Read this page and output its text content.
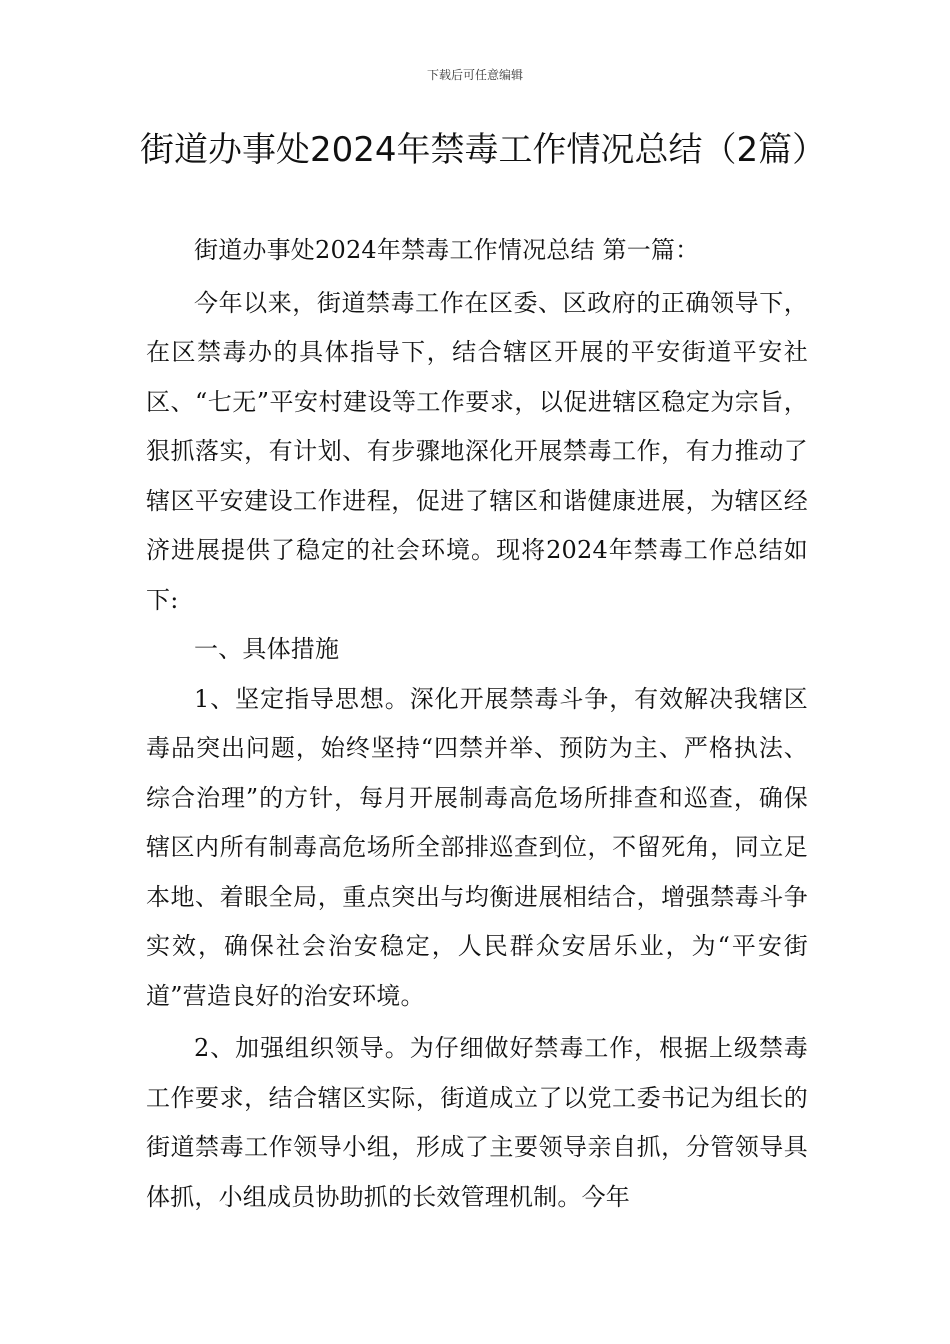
下载后可任意编辑
街道办事处2024年禁毒工作情况总结（2篇）

街道办事处2024年禁毒工作情况总结 第一篇：

今年以来，街道禁毒工作在区委、区政府的正确领导下，在区禁毒办的具体指导下，结合辖区开展的平安街道平安社区、“七无”平安村建设等工作要求，以促进辖区稳定为宗旨，狠抓落实，有计划、有步骤地深化开展禁毒工作，有力推动了辖区平安建设工作进程，促进了辖区和谐健康进展，为辖区经济进展提供了稳定的社会环境。现将2024年禁毒工作总结如下:

一、具体措施

1、坚定指导思想。深化开展禁毒斗争，有效解决我辖区毒品突出问题，始终坚持“四禁并举、预防为主、严格执法、综合治理”的方针，每月开展制毒高危场所排查和巡查，确保辖区内所有制毒高危场所全部排巡查到位，不留死角，同立足本地、着眼全局，重点突出与均衡进展相结合，增强禁毒斗争实效，确保社会治安稳定，人民群众安居乐业，为“平安街道”营造良好的治安环境。

2、加强组织领导。为仔细做好禁毒工作，根据上级禁毒工作要求，结合辖区实际，街道成立了以党工委书记为组长的街道禁毒工作领导小组，形成了主要领导亲自抓，分管领导具体抓，小组成员协助抓的长效管理机制。今年
